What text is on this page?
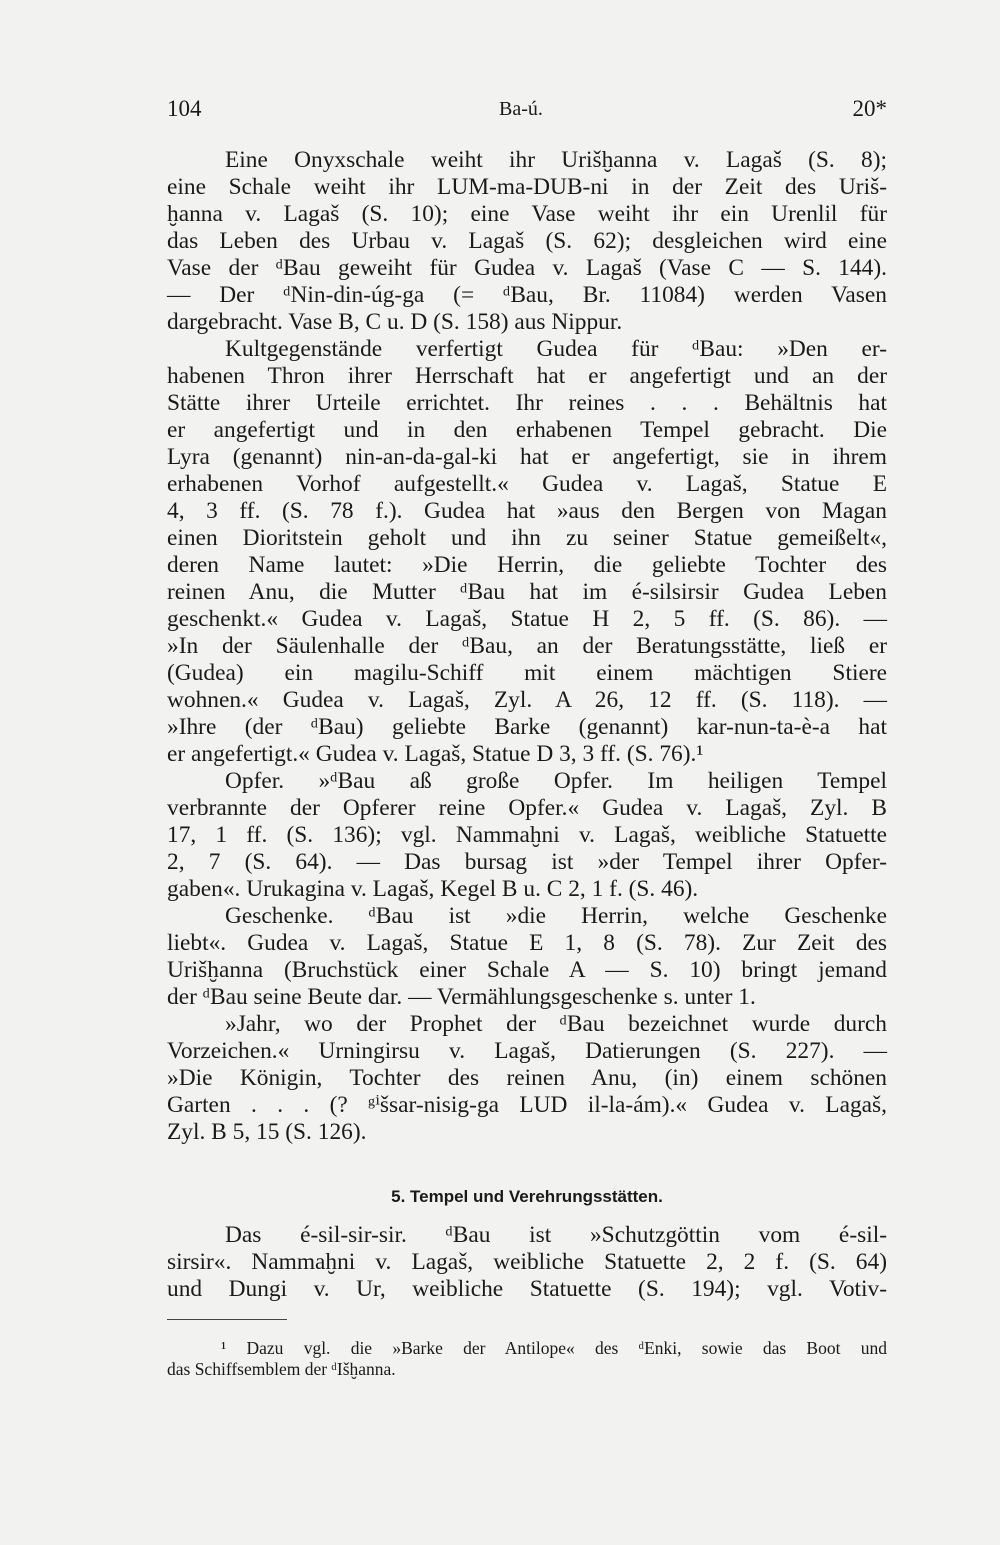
104	Ba-ú.	20*
Eine Onyxschale weiht ihr Urišḫanna v. Lagaš (S. 8);
eine Schale weiht ihr LUM-ma-DUB-ni in der Zeit des Uriš-
ḫanna v. Lagaš (S. 10); eine Vase weiht ihr ein Urenlil für
das Leben des Urbau v. Lagaš (S. 62); desgleichen wird eine
Vase der ᵈBau geweiht für Gudea v. Lagaš (Vase C — S. 144).
— Der ᵈNin-din-úg-ga (= ᵈBau, Br. 11084) werden Vasen
dargebracht. Vase B, C u. D (S. 158) aus Nippur.
Kultgegenstände verfertigt Gudea für ᵈBau: »Den er-
habenen Thron ihrer Herrschaft hat er angefertigt und an der
Stätte ihrer Urteile errichtet. Ihr reines . . . Behältnis hat
er angefertigt und in den erhabenen Tempel gebracht. Die
Lyra (genannt) nin-an-da-gal-ki hat er angefertigt, sie in ihrem
erhabenen Vorhof aufgestellt.« Gudea v. Lagaš, Statue E
4, 3 ff. (S. 78 f.). Gudea hat »aus den Bergen von Magan
einen Dioritstein geholt und ihn zu seiner Statue gemeißelt«,
deren Name lautet: »Die Herrin, die geliebte Tochter des
reinen Anu, die Mutter ᵈBau hat im é-silsirsir Gudea Leben
geschenkt.« Gudea v. Lagaš, Statue H 2, 5 ff. (S. 86). —
»In der Säulenhalle der ᵈBau, an der Beratungsstätte, ließ er
(Gudea) ein magilu-Schiff mit einem mächtigen Stiere
wohnen.« Gudea v. Lagaš, Zyl. A 26, 12 ff. (S. 118). —
»Ihre (der ᵈBau) geliebte Barke (genannt) kar-nun-ta-è-a hat
er angefertigt.« Gudea v. Lagaš, Statue D 3, 3 ff. (S. 76).¹
Opfer. »ᵈBau aß große Opfer. Im heiligen Tempel
verbrannte der Opferer reine Opfer.« Gudea v. Lagaš, Zyl. B
17, 1 ff. (S. 136); vgl. Nammaḫni v. Lagaš, weibliche Statuette
2, 7 (S. 64). — Das bursag ist »der Tempel ihrer Opfer-
gaben«. Urukagina v. Lagaš, Kegel B u. C 2, 1 f. (S. 46).
Geschenke. ᵈBau ist »die Herrin, welche Geschenke
liebt«. Gudea v. Lagaš, Statue E 1, 8 (S. 78). Zur Zeit des
Urišḫanna (Bruchstück einer Schale A — S. 10) bringt jemand
der ᵈBau seine Beute dar. — Vermählungsgeschenke s. unter 1.
»Jahr, wo der Prophet der ᵈBau bezeichnet wurde durch
Vorzeichen.« Urningirsu v. Lagaš, Datierungen (S. 227). —
»Die Königin, Tochter des reinen Anu, (in) einem schönen
Garten . . . (? ᵍⁱšsar-nisig-ga LUD il-la-ám).« Gudea v. Lagaš,
Zyl. B 5, 15 (S. 126).
5. Tempel und Verehrungsstätten.
Das é-sil-sir-sir. ᵈBau ist »Schutzgöttin vom é-sil-
sirsir«. Nammaḫni v. Lagaš, weibliche Statuette 2, 2 f. (S. 64)
und Dungi v. Ur, weibliche Statuette (S. 194); vgl. Votiv-
¹ Dazu vgl. die »Barke der Antilope« des ᵈEnki, sowie das Boot und
das Schiffsemblem der ᵈIšḫanna.
